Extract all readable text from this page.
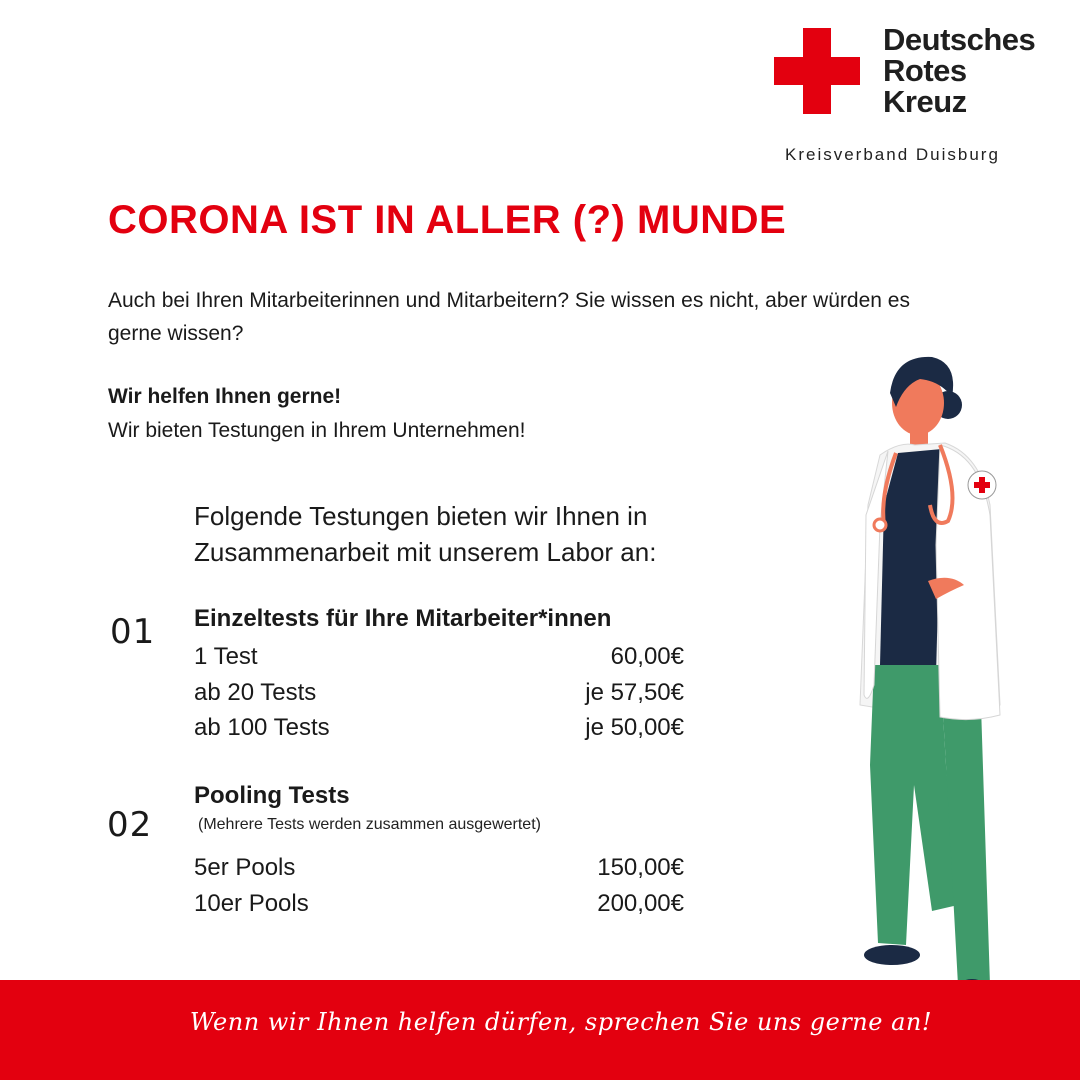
Deutsches
Rotes
Kreuz
Kreisverband Duisburg
CORONA IST IN ALLER (?) MUNDE
Auch bei Ihren Mitarbeiterinnen und Mitarbeitern? Sie wissen es nicht, aber würden es gerne wissen?
Wir helfen Ihnen gerne!
Wir bieten Testungen in Ihrem Unternehmen!
Folgende Testungen bieten wir Ihnen in Zusammenarbeit mit unserem Labor an:
01 Einzeltests für Ihre Mitarbeiter*innen
1 Test	60,00€
ab 20 Tests	je 57,50€
ab 100 Tests	je 50,00€
02
Pooling Tests
(Mehrere Tests werden zusammen ausgewertet)
5er Pools	150,00€
10er Pools	200,00€
Wenn wir Ihnen helfen dürfen, sprechen Sie uns gerne an!
